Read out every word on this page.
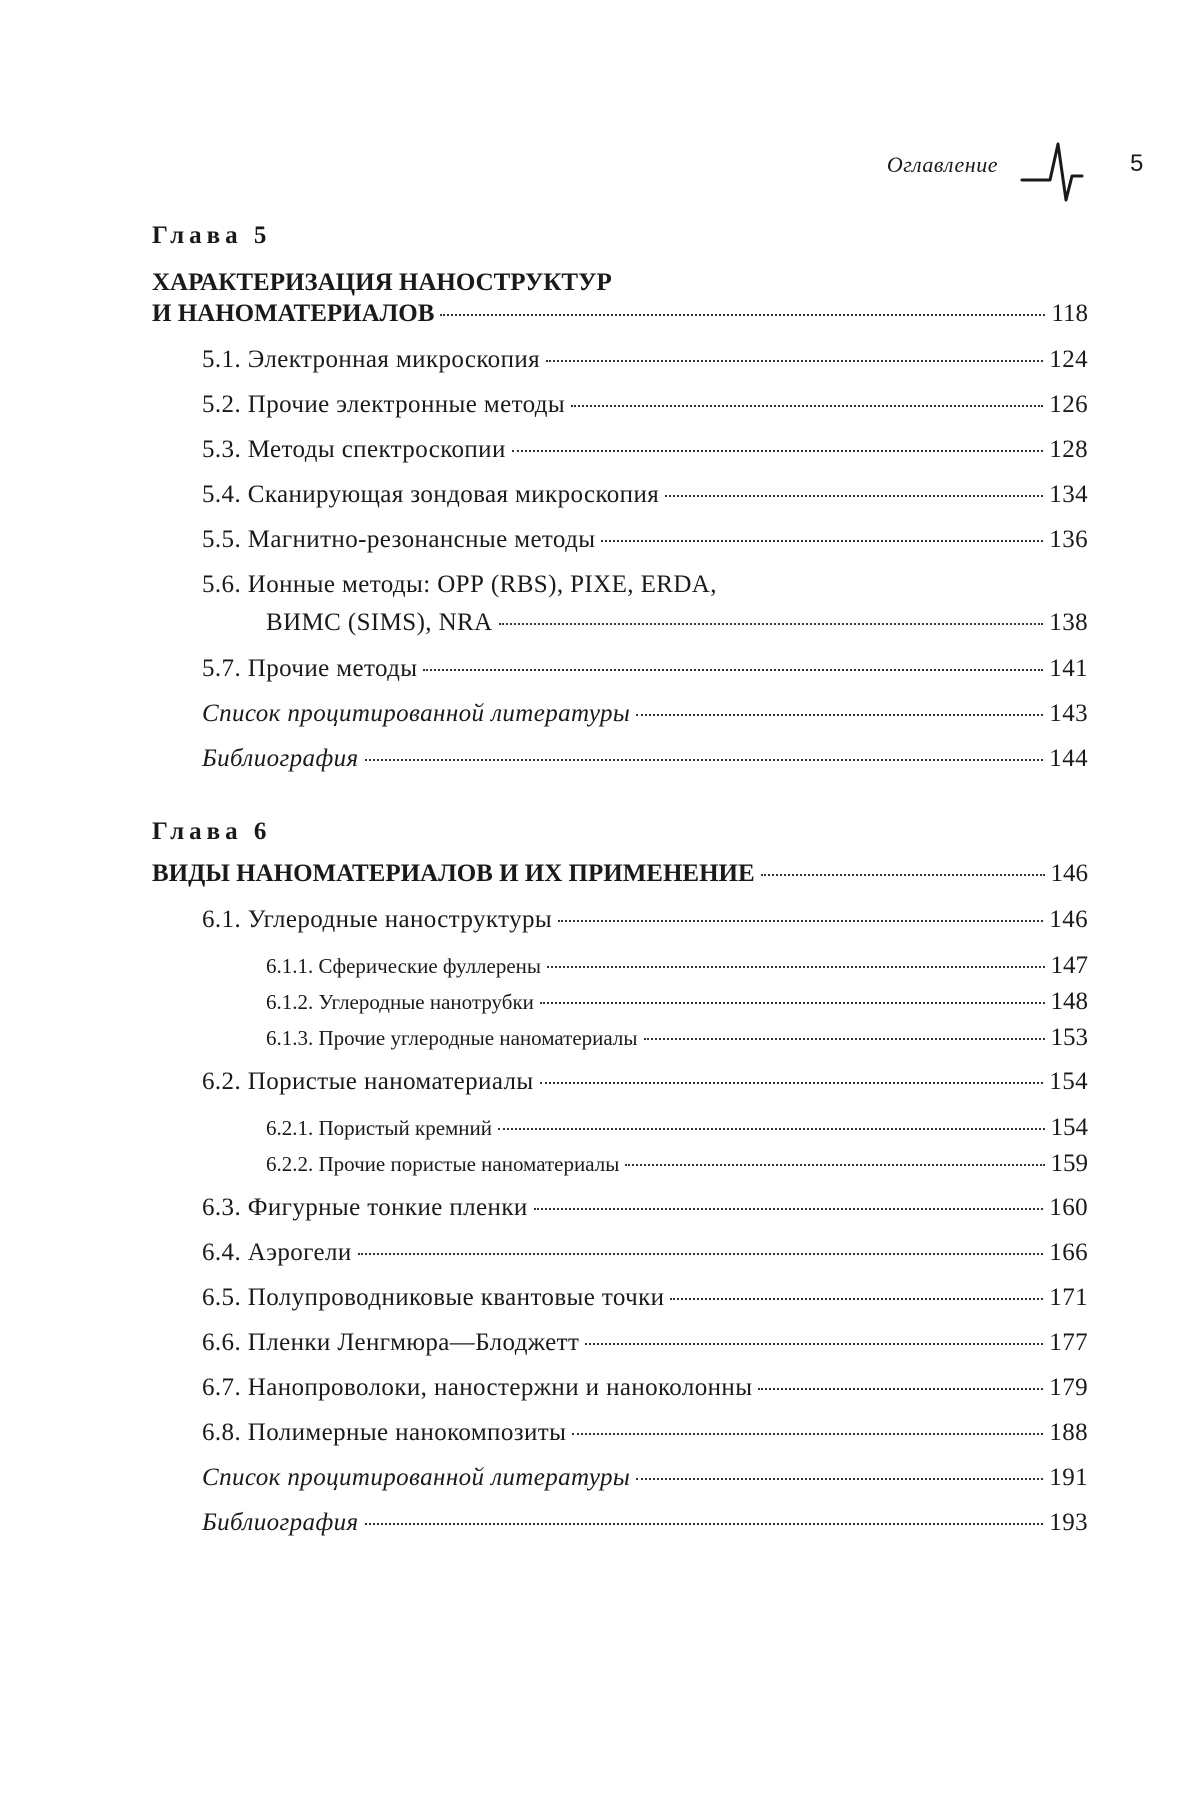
Оглавление	5
Глава 5
ХАРАКТЕРИЗАЦИЯ НАНОСТРУКТУР
И НАНОМАТЕРИАЛОВ	118
5.1. Электронная микроскопия	124
5.2. Прочие электронные методы	126
5.3. Методы спектроскопии	128
5.4. Сканирующая зондовая микроскопия	134
5.5. Магнитно-резонансные методы	136
5.6. Ионные методы: ОРР (RBS), PIXE, ERDA,
ВИМС (SIMS), NRA	138
5.7. Прочие методы	141
Список процитированной литературы	143
Библиография	144
Глава 6
ВИДЫ НАНОМАТЕРИАЛОВ И ИХ ПРИМЕНЕНИЕ	146
6.1. Углеродные наноструктуры	146
6.1.1. Сферические фуллерены	147
6.1.2. Углеродные нанотрубки	148
6.1.3. Прочие углеродные наноматериалы	153
6.2. Пористые наноматериалы	154
6.2.1. Пористый кремний	154
6.2.2. Прочие пористые наноматериалы	159
6.3. Фигурные тонкие пленки	160
6.4. Аэрогели	166
6.5. Полупроводниковые квантовые точки	171
6.6. Пленки Ленгмюра—Блоджетт	177
6.7. Нанопроволоки, наностержни и наноколонны	179
6.8. Полимерные нанокомпозиты	188
Список процитированной литературы	191
Библиография	193
